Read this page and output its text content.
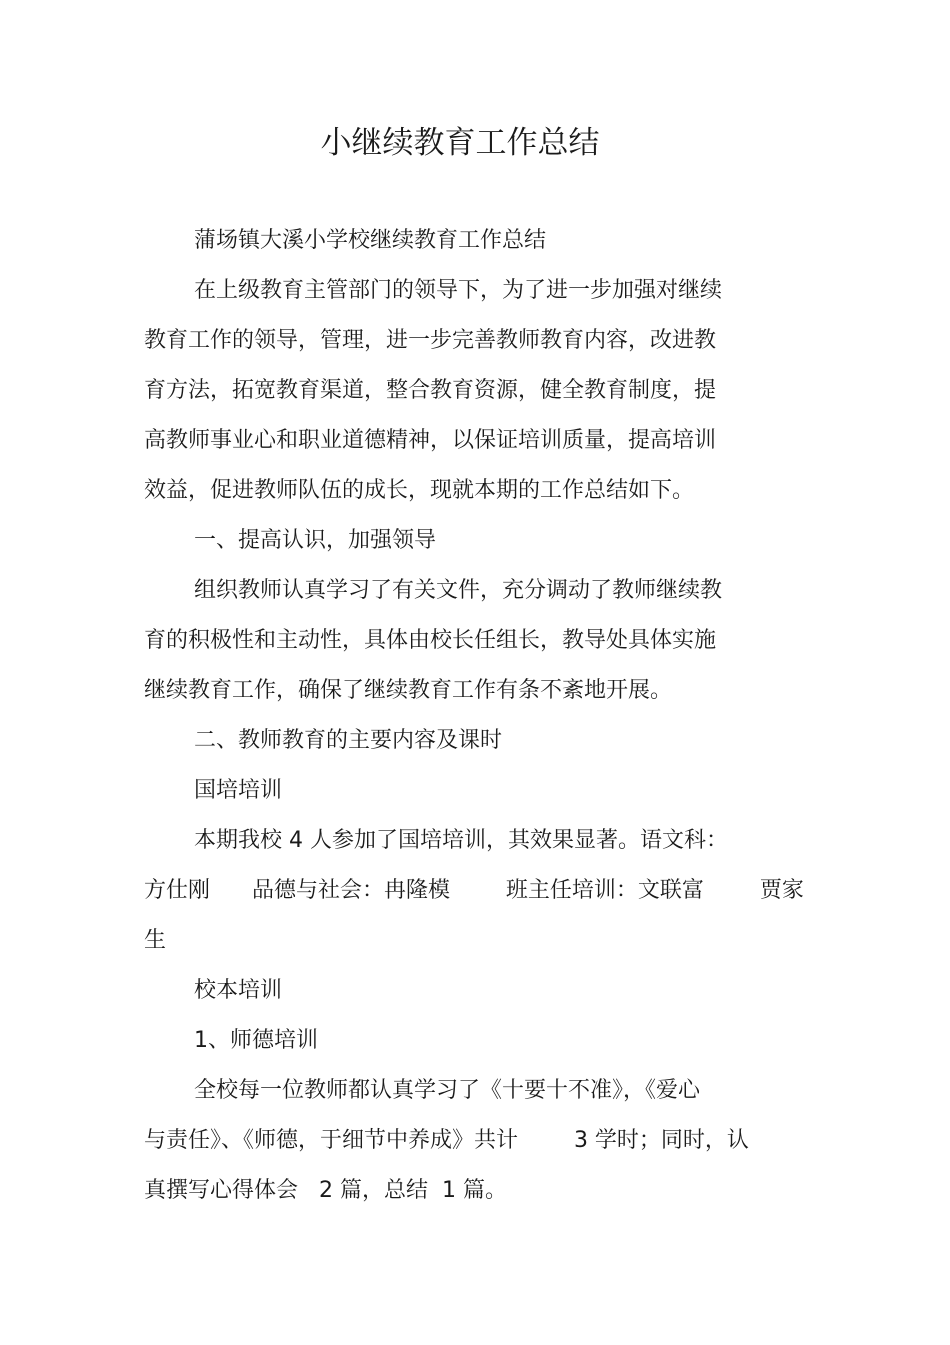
小继续教育工作总结

蒲场镇大溪小学校继续教育工作总结

在上级教育主管部门的领导下，为了进一步加强对继续

教育工作的领导，管理，进一步完善教师教育内容，改进教

育方法，拓宽教育渠道，整合教育资源，健全教育制度，提

高教师事业心和职业道德精神，以保证培训质量，提高培训

效益，促进教师队伍的成长，现就本期的工作总结如下。

一、提高认识，加强领导

组织教师认真学习了有关文件，充分调动了教师继续教

育的积极性和主动性，具体由校长任组长，教导处具体实施

继续教育工作，确保了继续教育工作有条不紊地开展。

二、教师教育的主要内容及课时

国培培训

本期我校 4 人参加了国培培训，其效果显著。语文科：

方仕刚      品德与社会：冉隆模        班主任培训：文联富        贾家

生

校本培训

1、师德培训

全校每一位教师都认真学习了《十要十不准》，《爱心

与责任》、《师德，于细节中养成》共计        3 学时；同时，认

真撰写心得体会   2 篇，总结  1 篇。
